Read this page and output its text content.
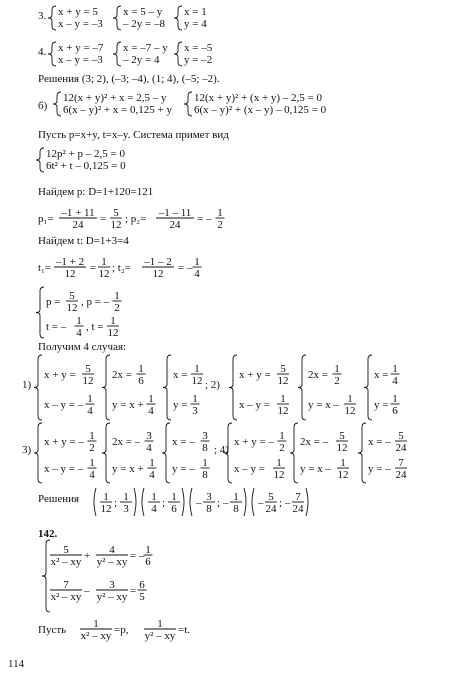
Решения (3; 2), (–3; –4), (1; 4), (–5; –2).
Пусть p=x+y, t=x–y. Система примет вид
Найдем p: D=1+120=121
Найдем t: D=1+3=4
Получим 4 случая:
Решения
142.
3. x + y = 5
x – y = –3
x = 5 – y
– 2y = –8
x = 1
y = 4
4. x + y = –7
x – y = –3
x = –7 – y
– 2y = 4
x = –5
y = –2
б)
12(x + y)² + x = 2,5 – y
6(x – y)² + x = 0,125 + y
12(x + y)² + (x + y) – 2,5 = 0
6(x – y)² + (x – y) – 0,125 = 0
12p² + p – 2,5 = 0
6t² + t – 0,125 = 0
p₁= –1 + 11
24 = 5
12 ; p₂= –1 – 11
24 = – 1
2
t₁= –1 + 2
12 = 1
12 ; t₂= –1 – 2
12 = – 1
4
p = 5
12 , p = – 1
2
t = – 1
4 , t = 1
12
1)
x + y = 5
12
x – y = – 1
4
2x = 1
6
y = x + 1
4
x = 1
12
y = 1
3
; 2)
x + y = 5
12
x – y = 1
12
2x = 1
2
y = x – 1
12
x = 1
4
y = 1
6
3)
x + y = – 1
2
x – y = – 1
4
2x = – 3
4
y = x + 1
4
x = – 3
8
y = – 1
8
; 4)
x + y = – 1
2
x – y = 1
12
2x = – 5
12
y = x – 1
12
x = – 5
24
y = – 7
24
1
12 ; 1
3
1
4 ; 1
6 – 3
8 ; – 1
8 – 5
24 ; – 7
24
5
x² – xy + 4
y² – xy = – 1
6
7
x² – xy – 3
y² – xy = 6
5
Пусть 1
x² – xy =p,	1
y² – xy =t.
114
